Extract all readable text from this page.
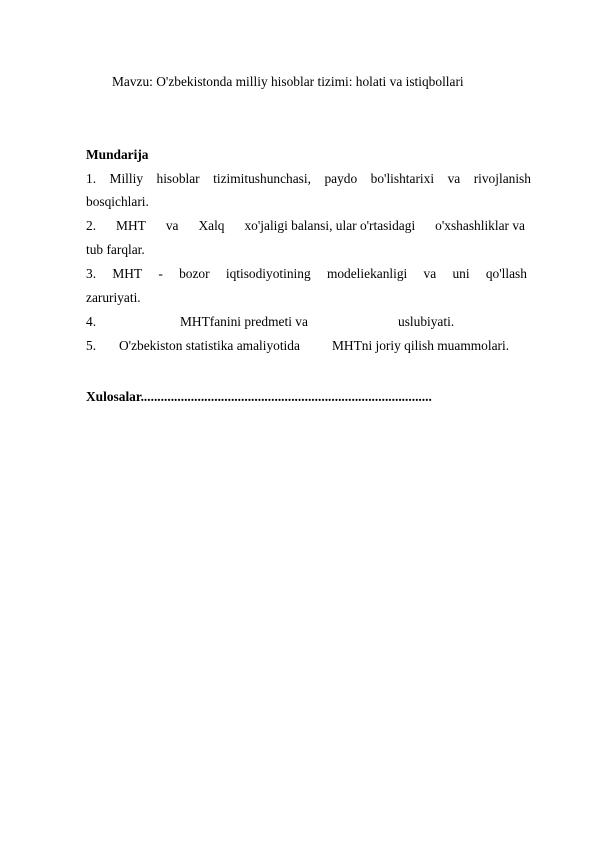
Mavzu: O'zbekistonda milliy hisoblar tizimi: holati va istiqbollari
Mundarija
1. Milliy hisoblar tizimitushunchasi, paydo bo'lishtarixi va rivojlanish
bosqichlari.
2. MHT va Xalq xo'jaligi balansi, ular o'rtasidagi o'xshashliklar va
tub farqlar.
3. MHT - bozor iqtisodiyotining modeliekanligi va uni qo'llash
zaruriyati.
4.	MHTfanini predmeti va	uslubiyati.
5. O'zbekiston statistika amaliyotida MHTni joriy qilish muammolari.
Xulosalar.......................................................................................
